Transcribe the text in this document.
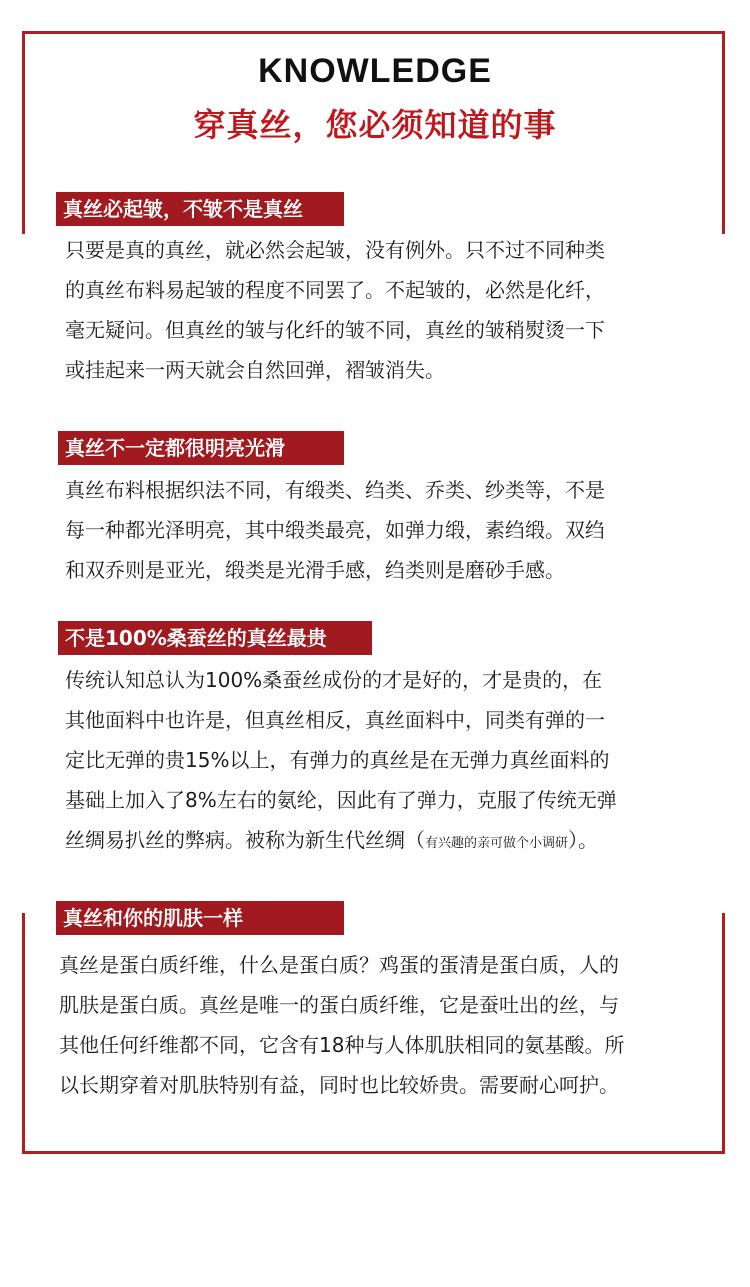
KNOWLEDGE
穿真丝，您必须知道的事
真丝必起皱，不皱不是真丝
只要是真的真丝，就必然会起皱，没有例外。只不过不同种类
的真丝布料易起皱的程度不同罢了。不起皱的，必然是化纤，
毫无疑问。但真丝的皱与化纤的皱不同，真丝的皱稍熨烫一下
或挂起来一两天就会自然回弹，褶皱消失。
真丝不一定都很明亮光滑
真丝布料根据织法不同，有缎类、绉类、乔类、纱类等，不是
每一种都光泽明亮，其中缎类最亮，如弹力缎，素绉缎。双绉
和双乔则是亚光，缎类是光滑手感，绉类则是磨砂手感。
不是100%桑蚕丝的真丝最贵
传统认知总认为100%桑蚕丝成份的才是好的，才是贵的，在
其他面料中也许是，但真丝相反，真丝面料中，同类有弹的一
定比无弹的贵15%以上，有弹力的真丝是在无弹力真丝面料的
基础上加入了8%左右的氨纶，因此有了弹力，克服了传统无弹
丝绸易扒丝的弊病。被称为新生代丝绸（有兴趣的亲可做个小调研）。
真丝和你的肌肤一样
真丝是蛋白质纤维，什么是蛋白质？鸡蛋的蛋清是蛋白质，人的
肌肤是蛋白质。真丝是唯一的蛋白质纤维，它是蚕吐出的丝，与
其他任何纤维都不同，它含有18种与人体肌肤相同的氨基酸。所
以长期穿着对肌肤特别有益，同时也比较娇贵。需要耐心呵护。
